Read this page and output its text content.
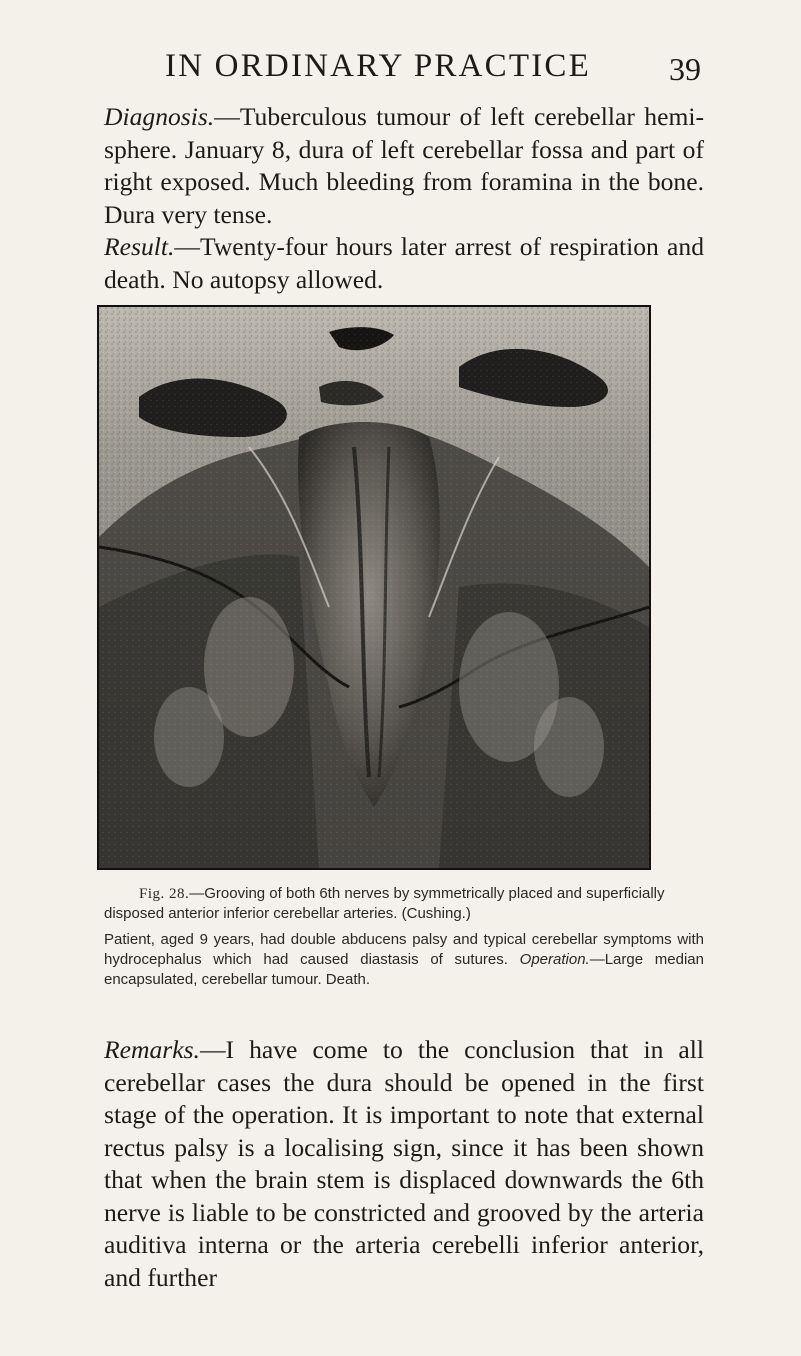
IN ORDINARY PRACTICE 39

Diagnosis.—Tuberculous tumour of left cerebellar hemi-sphere. January 8, dura of left cerebellar fossa and part of right exposed. Much bleeding from foramina in the bone. Dura very tense.

Result.—Twenty-four hours later arrest of respiration and death. No autopsy allowed.

Fig. 28.—Grooving of both 6th nerves by symmetrically placed and superficially disposed anterior inferior cerebellar arteries. (Cushing.)

Patient, aged 9 years, had double abducens palsy and typical cerebellar symptoms with hydrocephalus which had caused diastasis of sutures. Operation.—Large median encapsulated, cerebellar tumour. Death.

Remarks.—I have come to the conclusion that in all cerebellar cases the dura should be opened in the first stage of the operation. It is important to note that external rectus palsy is a localising sign, since it has been shown that when the brain stem is displaced downwards the 6th nerve is liable to be constricted and grooved by the arteria auditiva interna or the arteria cerebelli inferior anterior, and further
